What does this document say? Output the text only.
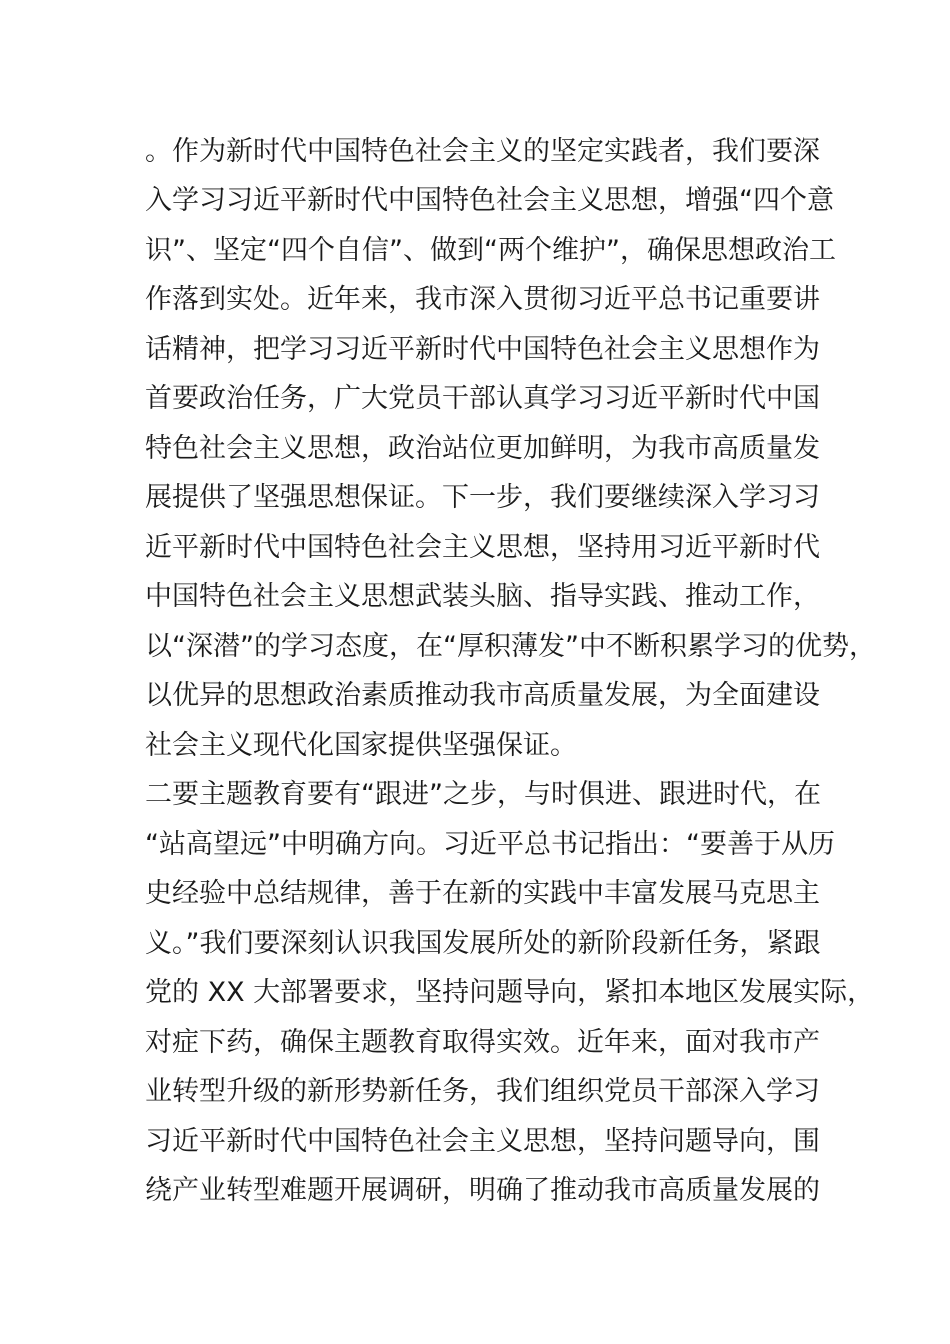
。作为新时代中国特色社会主义的坚定实践者，我们要深
入学习习近平新时代中国特色社会主义思想，增强“四个意
识”、坚定“四个自信”、做到“两个维护”，确保思想政治工
作落到实处。近年来，我市深入贯彻习近平总书记重要讲
话精神，把学习习近平新时代中国特色社会主义思想作为
首要政治任务，广大党员干部认真学习习近平新时代中国
特色社会主义思想，政治站位更加鲜明，为我市高质量发
展提供了坚强思想保证。下一步，我们要继续深入学习习
近平新时代中国特色社会主义思想，坚持用习近平新时代
中国特色社会主义思想武装头脑、指导实践、推动工作，
以“深潜”的学习态度，在“厚积薄发”中不断积累学习的优势，
以优异的思想政治素质推动我市高质量发展，为全面建设
社会主义现代化国家提供坚强保证。
二要主题教育要有“跟进”之步，与时俱进、跟进时代，在
“站高望远”中明确方向。习近平总书记指出：“要善于从历
史经验中总结规律，善于在新的实践中丰富发展马克思主
义。”我们要深刻认识我国发展所处的新阶段新任务，紧跟
党的 XX 大部署要求，坚持问题导向，紧扣本地区发展实际，
对症下药，确保主题教育取得实效。近年来，面对我市产
业转型升级的新形势新任务，我们组织党员干部深入学习
习近平新时代中国特色社会主义思想，坚持问题导向，围
绕产业转型难题开展调研，明确了推动我市高质量发展的
